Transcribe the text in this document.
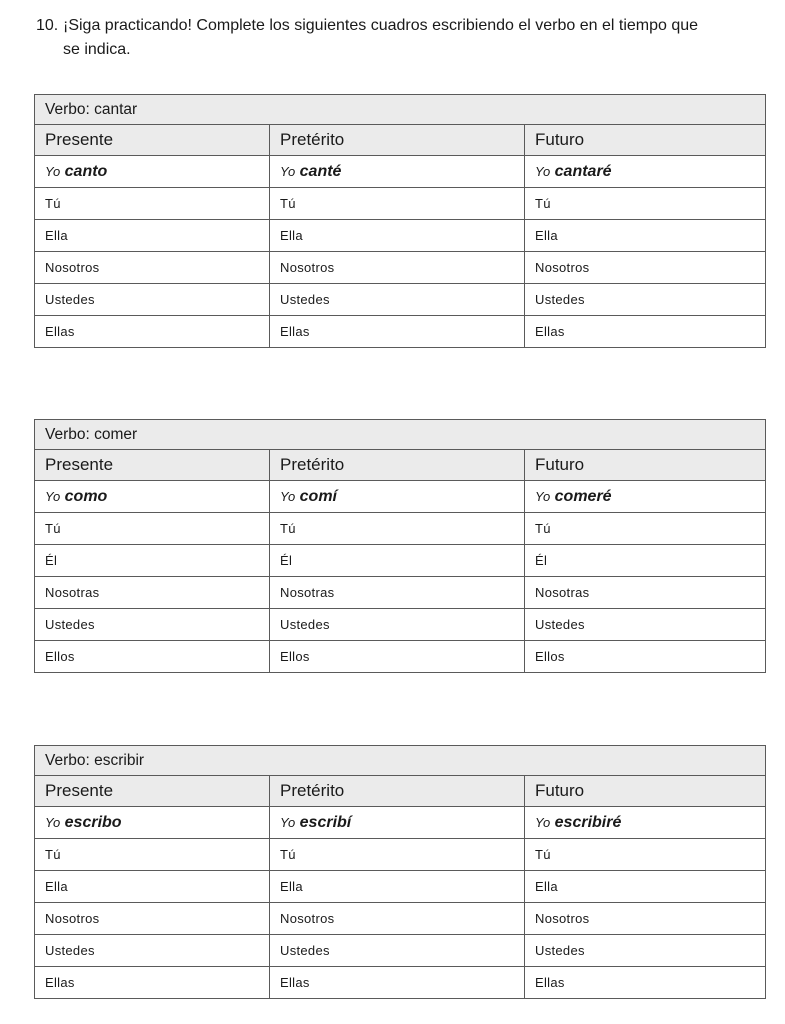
10. ¡Siga practicando! Complete los siguientes cuadros escribiendo el verbo en el tiempo que
se indica.
Verbo: cantar		
Presente	Pretérito	Futuro
Yo canto	Yo canté	Yo cantaré
Tú	Tú	Tú
Ella	Ella	Ella
Nosotros	Nosotros	Nosotros
Ustedes	Ustedes	Ustedes
Ellas	Ellas	Ellas
Verbo: comer		
Presente	Pretérito	Futuro
Yo como	Yo comí	Yo comeré
Tú	Tú	Tú
Él	Él	Él
Nosotras	Nosotras	Nosotras
Ustedes	Ustedes	Ustedes
Ellos	Ellos	Ellos
Verbo: escribir		
Presente	Pretérito	Futuro
Yo escribo	Yo escribí	Yo escribiré
Tú	Tú	Tú
Ella	Ella	Ella
Nosotros	Nosotros	Nosotros
Ustedes	Ustedes	Ustedes
Ellas	Ellas	Ellas
